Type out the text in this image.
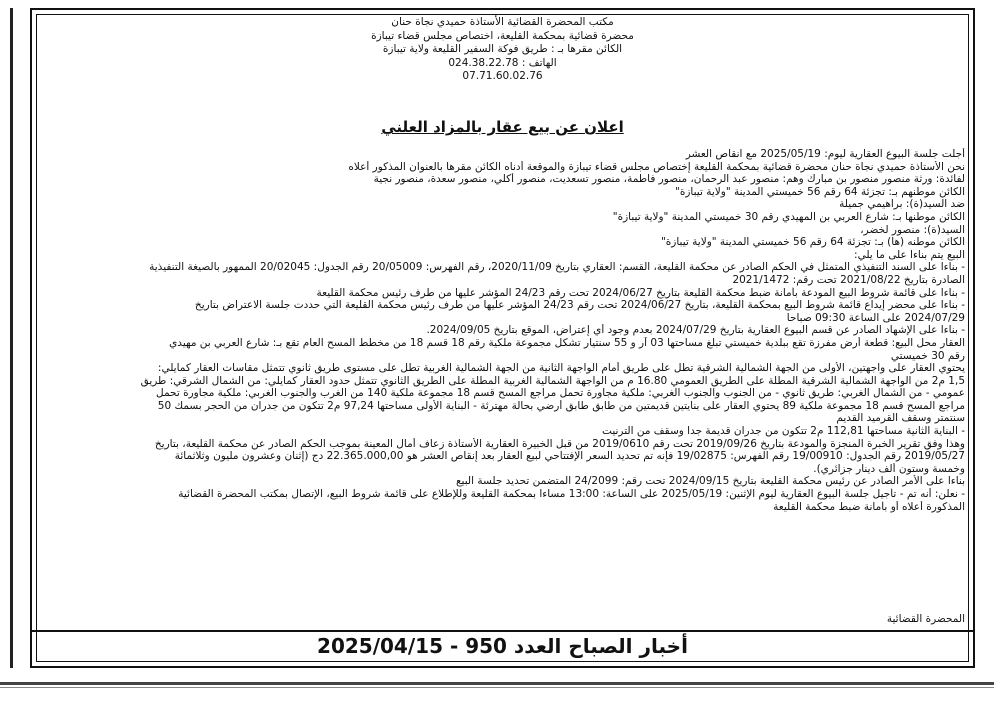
مكتب المحضرة القضائية الأستاذة حميدي نجاة حنان
محضرة قضائية بمحكمة القليعة، اختصاص مجلس قضاء تيبازة
الكائن مقرها بـ : طريق فوكة السفير القليعة ولاية تيبازة
الهاتف : 024.38.22.78
07.71.60.02.76
اعلان عن بيع عقار بالمزاد العلني
أجلت جلسة البيوع العقارية ليوم: 2025/05/19 مع انقاص العشر
نحن الأستاذة حميدي نجاة حنان محضرة قضائية بمحكمة القليعة إختصاص مجلس قضاء تيبازة والموقعة أدناه الكائن مقرها بالعنوان المذكور أعلاه
لفائدة: ورثة منصور منصور بن مبارك وهم: منصور عبد الرحمان، منصور فاطمة، منصور تسعديت، منصور أكلي، منصور سعدة، منصور نجية
الكائن موطنهم بـ: تجزئة 64 رقم 56 خميستي المدينة "ولاية تيبازة"
ضد السيد(ة): براهيمي جميلة
الكائن موطنها بـ: شارع العربي بن المهيدي رقم 30 خميستي المدينة "ولاية تيبازة"
السيد(ة): منصور لخضر،
الكائن موطنه (ها) بـ: تجزئة 64 رقم 56 خميستي المدينة "ولاية تيبازة"
البيع يتم بناءا على ما يلي:
- بناءا على السند التنفيذي المتمثل في الحكم الصادر عن محكمة القليعة، القسم: العقاري بتاريخ 2020/11/09، رقم الفهرس: 20/05009 رقم الجدول: 20/02045 الممهور بالصيغة التنفيذية
الصادرة بتاريخ 2021/08/22 تحت رقم: 2021/1472
- بناءا على قائمة شروط البيع المودعة بأمانة ضبط محكمة القليعة بتاريخ 2024/06/27 تحت رقم 24/23 المؤشر عليها من طرف رئيس محكمة القليعة
- بناءا على محضر إيداع قائمة شروط البيع بمحكمة القليعة، بتاريخ 2024/06/27 تحت رقم 24/23 المؤشر عليها من طرف رئيس محكمة القليعة التي حددت جلسة الاعتراض بتاريخ
2024/07/29 على الساعة 09:30 صباحا
- بناءا على الإشهاد الصادر عن قسم البيوع العقارية بتاريخ 2024/07/29 بعدم وجود أي إعتراض، الموقع بتاريخ 2024/09/05.
العقار محل البيع: قطعة أرض مفرزة تقع ببلدية خميستي تبلغ مساحتها 03 آر و 55 سنتيار تشكل مجموعة ملكية رقم 18 قسم 18 من مخطط المسح العام تقع بـ: شارع العربي بن مهيدي
رقم 30 خميستي
يحتوي العقار على واجهتين، الأولى من الجهة الشمالية الشرقية تطل على طريق أمام الواجهة الثانية من الجهة الشمالية الغربية تطل على مستوى طريق ثانوي تتمثل مقاسات العقار كمايلي:
1,5 م2 من الواجهة الشمالية الشرقية المطلة على الطريق العمومي 16.80 م من الواجهة الشمالية الغربية المطلة على الطريق الثانوي تتمثل حدود العقار كمايلي: من الشمال الشرقي: طريق
عمومي - من الشمال الغربي: طريق ثانوي - من الجنوب والجنوب الغربي: ملكية مجاورة تحمل مراجع المسح قسم 18 مجموعة ملكية 140 من الغرب والجنوب الغربي: ملكية مجاورة تحمل
مراجع المسح قسم 18 مجموعة ملكية 89 يحتوي العقار على بنايتين قديمتين من طابق طابق أرضي بحالة مهترئة - البناية الأولى مساحتها 97,24 م2 تتكون من جدران من الحجر بسمك 50
سنتمتر وسقف القرميد القديم
- البناية الثانية مساحتها 112,81 م2 تتكون من جدران قديمة جدا وسقف من الترنيت
وهذا وفق تقرير الخبرة المنجزة والمودعة بتاريخ 2019/09/26 تحت رقم 2019/0610 من قبل الخبيرة العقارية الأستاذة زعاف أمال المعينة بموجب الحكم الصادر عن محكمة القليعة، بتاريخ
2019/05/27 رقم الجدول: 19/00910 رقم الفهرس: 19/02875 فإنه تم تحديد السعر الإفتتاحي لبيع العقار بعد إنقاص العشر هو 22.365.000,00 دج (إثنان وعشرون مليون وثلاثمائة
وخمسة وستون ألف دينار جزائري).
بناءا على الأمر الصادر عن رئيس محكمة القليعة بتاريخ 2024/09/15 تحت رقم: 24/2099 المتضمن تحديد جلسة البيع
- نعلن: أنه تم - تأجيل جلسة البيوع العقارية ليوم الإثنين: 2025/05/19 على الساعة: 13:00 مساءا بمحكمة القليعة وللإطلاع على قائمة شروط البيع، الإتصال بمكتب المحضرة القضائية
المذكورة أعلاه أو بأمانة ضبط محكمة القليعة
المحضرة القضائية
أخبار الصباح العدد 950 - 2025/04/15
